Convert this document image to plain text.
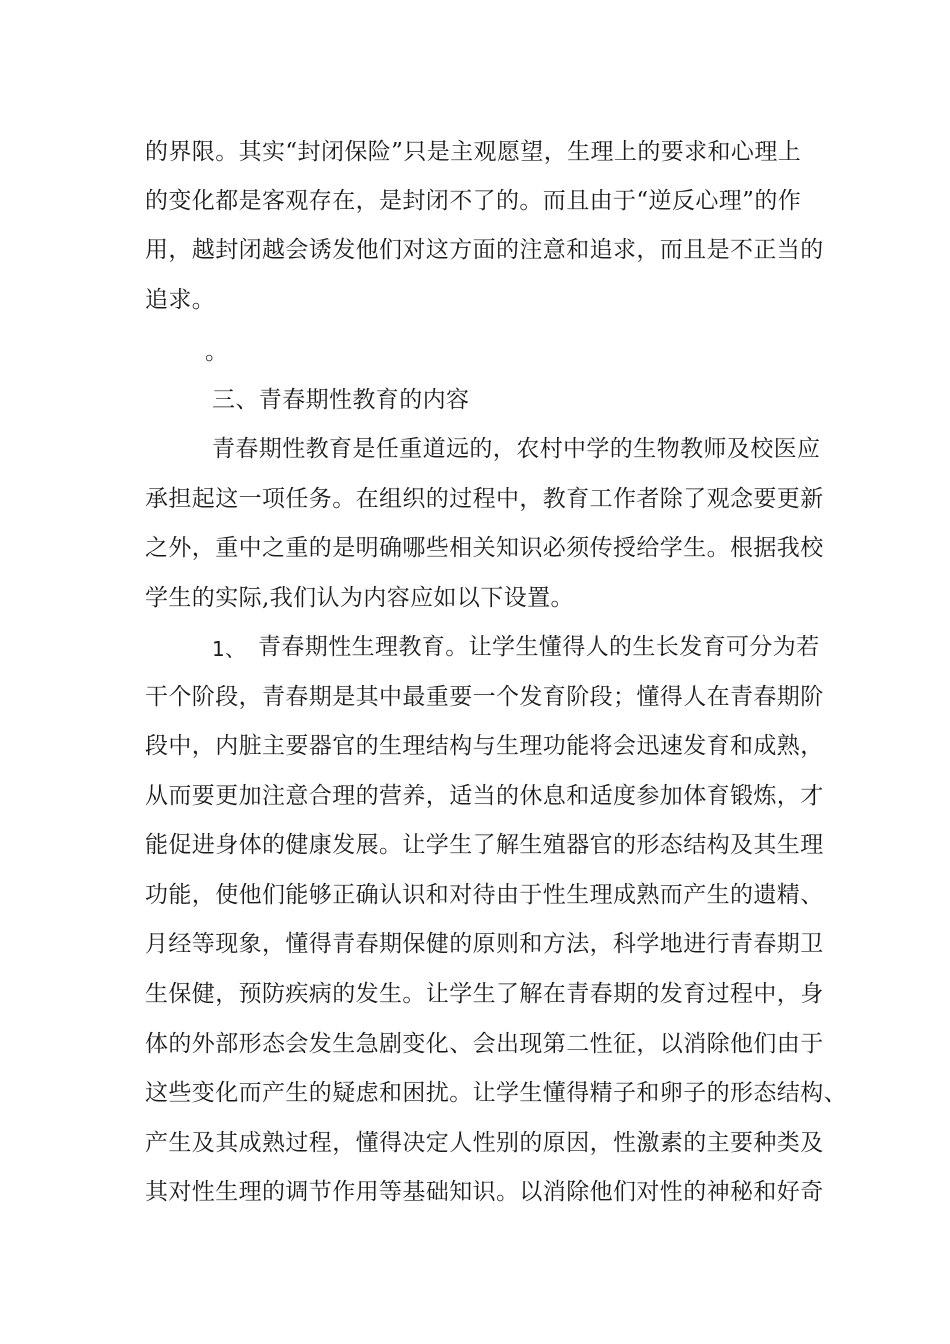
的界限。其实“封闭保险”只是主观愿望，生理上的要求和心理上

的变化都是客观存在，是封闭不了的。而且由于“逆反心理”的作

用，越封闭越会诱发他们对这方面的注意和追求，而且是不正当的

追求。

。

三、青春期性教育的内容

青春期性教育是任重道远的，农村中学的生物教师及校医应

承担起这一项任务。在组织的过程中，教育工作者除了观念要更新

之外，重中之重的是明确哪些相关知识必须传授给学生。根据我校

学生的实际,我们认为内容应如以下设置。

1、 青春期性生理教育。让学生懂得人的生长发育可分为若

干个阶段，青春期是其中最重要一个发育阶段；懂得人在青春期阶

段中，内脏主要器官的生理结构与生理功能将会迅速发育和成熟，

从而要更加注意合理的营养，适当的休息和适度参加体育锻炼，才

能促进身体的健康发展。让学生了解生殖器官的形态结构及其生理

功能，使他们能够正确认识和对待由于性生理成熟而产生的遗精、

月经等现象，懂得青春期保健的原则和方法，科学地进行青春期卫

生保健，预防疾病的发生。让学生了解在青春期的发育过程中，身

体的外部形态会发生急剧变化、会出现第二性征，以消除他们由于

这些变化而产生的疑虑和困扰。让学生懂得精子和卵子的形态结构、

产生及其成熟过程，懂得决定人性别的原因，性激素的主要种类及

其对性生理的调节作用等基础知识。以消除他们对性的神秘和好奇
